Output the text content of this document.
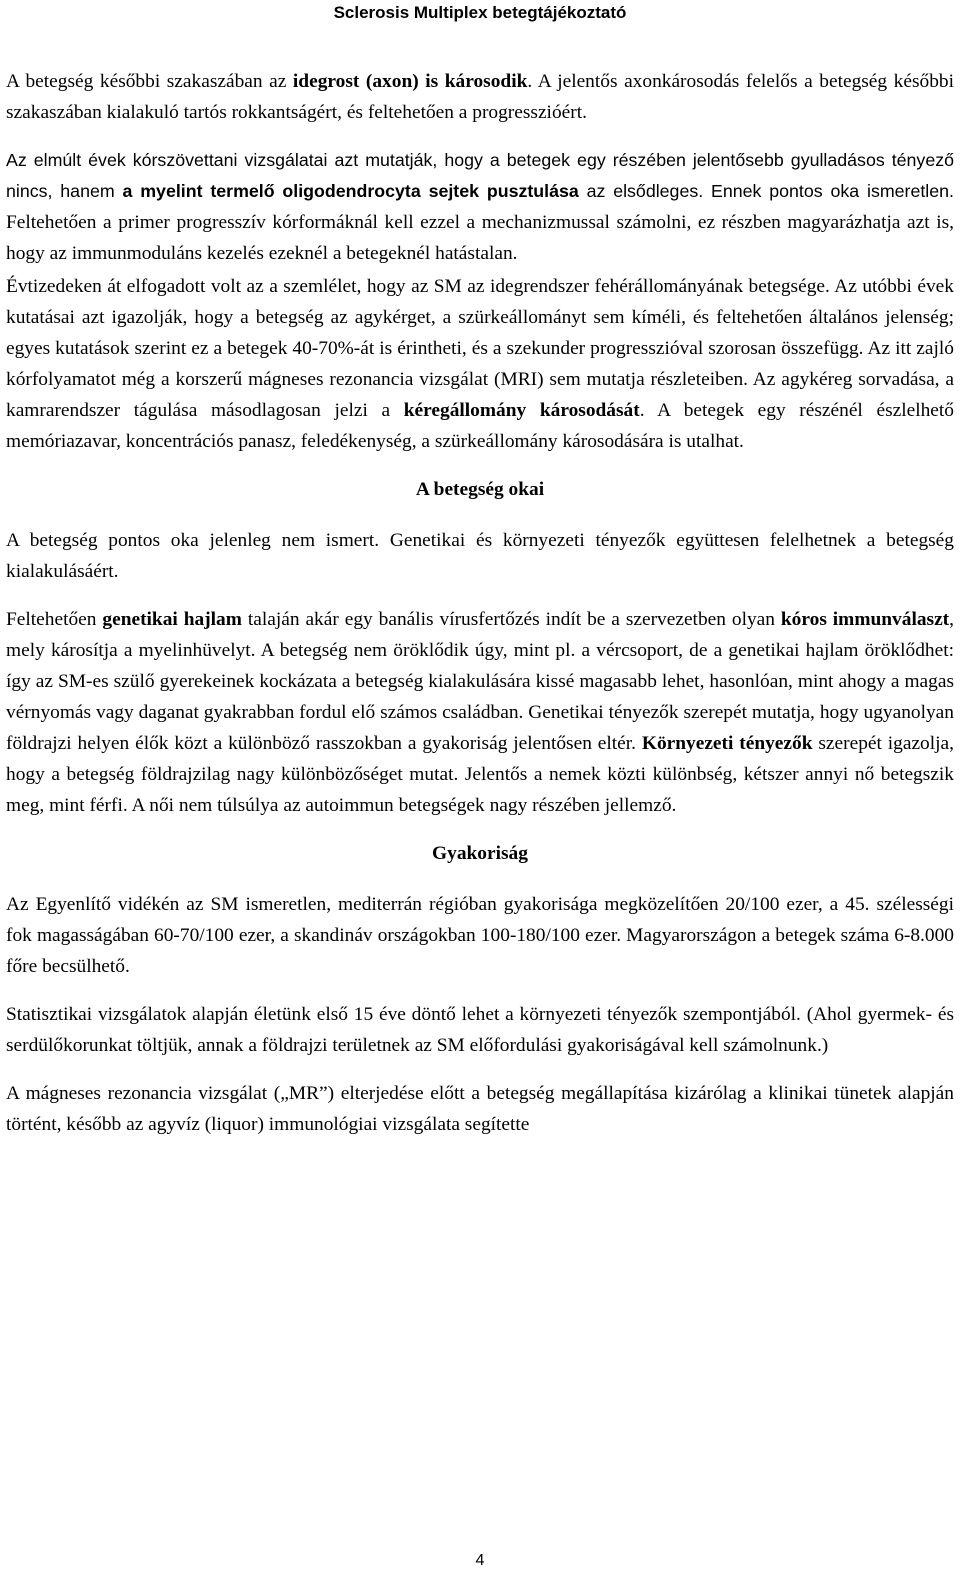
Sclerosis Multiplex betegtájékoztató

A betegség későbbi szakaszában az idegrost (axon) is károsodik. A jelentős axonkárosodás felelős a betegség későbbi szakaszában kialakuló tartós rokkantságért, és feltehetően a progresszióért.

Az elmúlt évek kórszövettani vizsgálatai azt mutatják, hogy a betegek egy részében jelentősebb gyulladásos tényező nincs, hanem a myelint termelő oligodendrocyta sejtek pusztulása az elsődleges. Ennek pontos oka ismeretlen. Feltehetően a primer progresszív kórformáknál kell ezzel a mechanizmussal számolni, ez részben magyarázhatja azt is, hogy az immunmoduláns kezelés ezeknél a betegeknél hatástalan.

Évtizedeken át elfogadott volt az a szemlélet, hogy az SM az idegrendszer fehérállományának betegsége. Az utóbbi évek kutatásai azt igazolják, hogy a betegség az agykérget, a szürkeállományt sem kíméli, és feltehetően általános jelenség; egyes kutatások szerint ez a betegek 40-70%-át is érintheti, és a szekunder progresszióval szorosan összefügg. Az itt zajló kórfolyamatot még a korszerű mágneses rezonancia vizsgálat (MRI) sem mutatja részleteiben. Az agykéreg sorvadása, a kamrarendszer tágulása másodlagosan jelzi a kéregállomány károsodását. A betegek egy részénél észlelhető memóriazavar, koncentrációs panasz, feledékenység, a szürkeállomány károsodására is utalhat.

A betegség okai

A betegség pontos oka jelenleg nem ismert. Genetikai és környezeti tényezők együttesen felelhetnek a betegség kialakulásáért.

Feltehetően genetikai hajlam talaján akár egy banális vírusfertőzés indít be a szervezetben olyan kóros immunválaszt, mely károsítja a myelinhüvelyt. A betegség nem öröklődik úgy, mint pl. a vércsoport, de a genetikai hajlam öröklődhet: így az SM-es szülő gyerekeinek kockázata a betegség kialakulására kissé magasabb lehet, hasonlóan, mint ahogy a magas vérnyomás vagy daganat gyakrabban fordul elő számos családban. Genetikai tényezők szerepét mutatja, hogy ugyanolyan földrajzi helyen élők közt a különböző rasszokban a gyakoriság jelentősen eltér. Környezeti tényezők szerepét igazolja, hogy a betegség földrajzilag nagy különbözőséget mutat. Jelentős a nemek közti különbség, kétszer annyi nő betegszik meg, mint férfi. A női nem túlsúlya az autoimmun betegségek nagy részében jellemző.

Gyakoriság

Az Egyenlítő vidékén az SM ismeretlen, mediterrán régióban gyakorisága megközelítően 20/100 ezer, a 45. szélességi fok magasságában 60-70/100 ezer, a skandináv országokban 100-180/100 ezer. Magyarországon a betegek száma 6-8.000 főre becsülhető.

Statisztikai vizsgálatok alapján életünk első 15 éve döntő lehet a környezeti tényezők szempontjából. (Ahol gyermek- és serdülőkorunkat töltjük, annak a földrajzi területnek az SM előfordulási gyakoriságával kell számolnunk.)

A mágneses rezonancia vizsgálat („MR”) elterjedése előtt a betegség megállapítása kizárólag a klinikai tünetek alapján történt, később az agyvíz (liquor) immunológiai vizsgálata segítette

4
